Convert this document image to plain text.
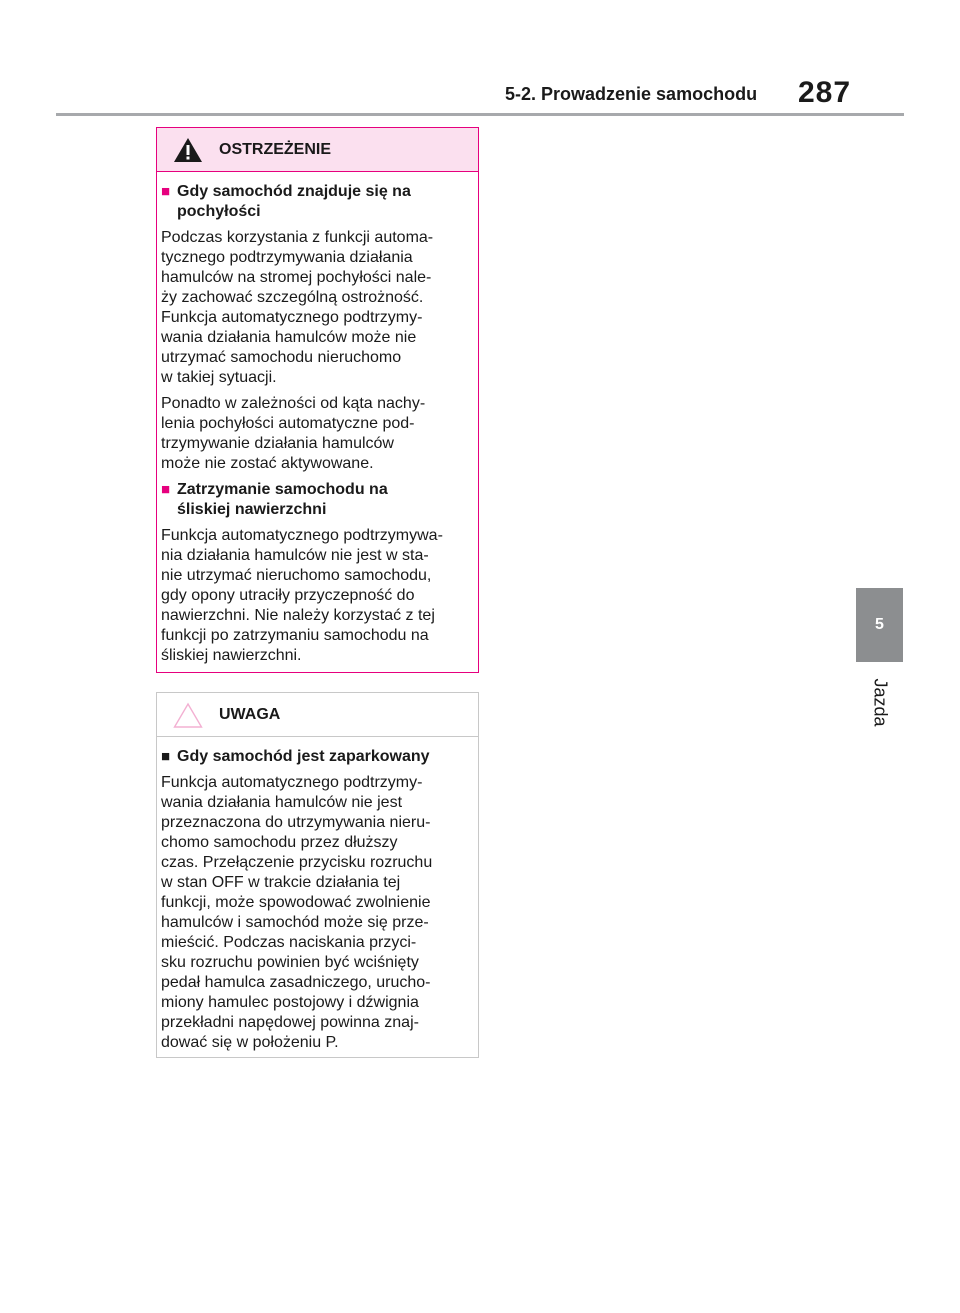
5-2. Prowadzenie samochodu 287
5
Jazda
OSTRZEŻENIE
■ Gdy samochód znajduje się na
pochyłości

Podczas korzystania z funkcji automa-
tycznego podtrzymywania działania
hamulców na stromej pochyłości nale-
ży zachować szczególną ostrożność.
Funkcja automatycznego podtrzymy-
wania działania hamulców może nie
utrzymać samochodu nieruchomo
w takiej sytuacji.

Ponadto w zależności od kąta nachy-
lenia pochyłości automatyczne pod-
trzymywanie działania hamulców
może nie zostać aktywowane.

■ Zatrzymanie samochodu na
śliskiej nawierzchni

Funkcja automatycznego podtrzymywa-
nia działania hamulców nie jest w sta-
nie utrzymać nieruchomo samochodu,
gdy opony utraciły przyczepność do
nawierzchni. Nie należy korzystać z tej
funkcji po zatrzymaniu samochodu na
śliskiej nawierzchni.

UWAGA
■ Gdy samochód jest zaparkowany

Funkcja automatycznego podtrzymy-
wania działania hamulców nie jest
przeznaczona do utrzymywania nieru-
chomo samochodu przez dłuższy
czas. Przełączenie przycisku rozruchu
w stan OFF w trakcie działania tej
funkcji, może spowodować zwolnienie
hamulców i samochód może się prze-
mieścić. Podczas naciskania przyci-
sku rozruchu powinien być wciśnięty
pedał hamulca zasadniczego, urucho-
miony hamulec postojowy i dźwignia
przekładni napędowej powinna znaj-
dować się w położeniu P.
